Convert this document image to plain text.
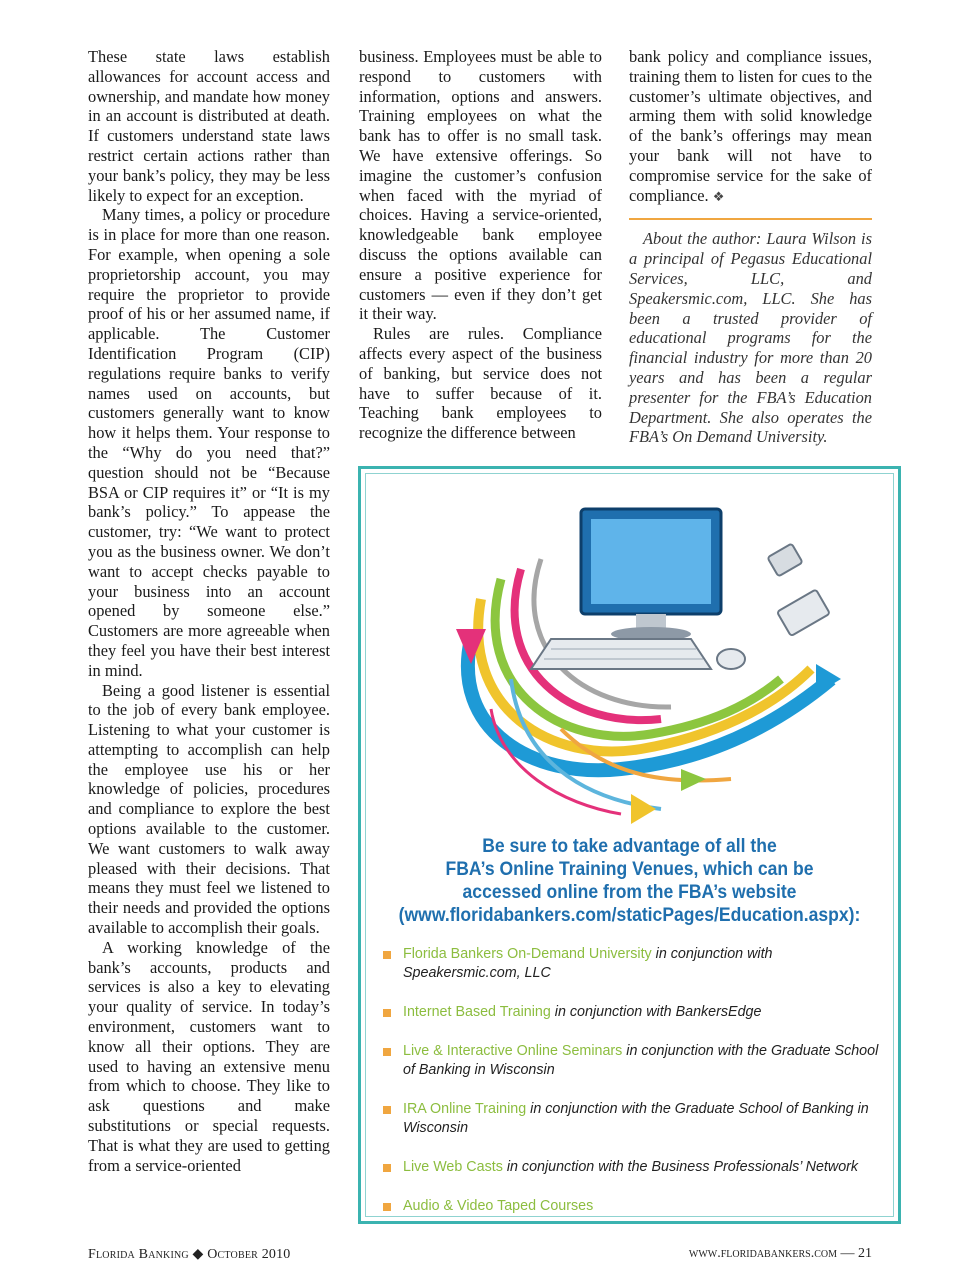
These state laws establish allowances for account access and ownership, and mandate how money in an account is distributed at death. If customers understand state laws restrict certain actions rather than your bank’s policy, they may be less likely to expect for an exception.

Many times, a policy or procedure is in place for more than one reason. For example, when opening a sole proprietorship account, you may require the proprietor to provide proof of his or her assumed name, if applicable. The Customer Identification Program (CIP) regulations require banks to verify names used on accounts, but customers generally want to know how it helps them. Your response to the “Why do you need that?” question should not be “Because BSA or CIP requires it” or “It is my bank’s policy.” To appease the customer, try: “We want to protect you as the business owner. We don’t want to accept checks payable to your business into an account opened by someone else.” Customers are more agreeable when they feel you have their best interest in mind.

Being a good listener is essential to the job of every bank employee. Listening to what your customer is attempting to accomplish can help the employee use his or her knowledge of policies, procedures and compliance to explore the best options available to the customer. We want customers to walk away pleased with their decisions. That means they must feel we listened to their needs and provided the options available to accomplish their goals.

A working knowledge of the bank’s accounts, products and services is also a key to elevating your quality of service. In today’s environment, customers want to know all their options. They are used to having an extensive menu from which to choose. They like to ask questions and make substitutions or special requests. That is what they are used to getting from a service-oriented

business. Employees must be able to respond to customers with information, options and answers. Training employees on what the bank has to offer is no small task. We have extensive offerings. So imagine the customer’s confusion when faced with the myriad of choices. Having a service-oriented, knowledgeable bank employee discuss the options available can ensure a positive experience for customers — even if they don’t get it their way.

Rules are rules. Compliance affects every aspect of the business of banking, but service does not have to suffer because of it. Teaching bank employees to recognize the difference between

bank policy and compliance issues, training them to listen for cues to the customer’s ultimate objectives, and arming them with solid knowledge of the bank’s offerings may mean your bank will not have to compromise service for the sake of compliance. ❖

About the author: Laura Wilson is a principal of Pegasus Educational Services, LLC, and Speakersmic.com, LLC. She has been a trusted provider of educational programs for the financial industry for more than 20 years and has been a regular presenter for the FBA’s Education Department. She also operates the FBA’s On Demand University.

Be sure to take advantage of all the
FBA’s Online Training Venues, which can be
accessed online from the FBA’s website
(www.floridabankers.com/staticPages/Education.aspx):
Florida Bankers On-Demand University in conjunction with Speakersmic.com, LLC
Internet Based Training in conjunction with BankersEdge
Live & Interactive Online Seminars in conjunction with the Graduate School of Banking in Wisconsin
IRA Online Training in conjunction with the Graduate School of Banking in Wisconsin
Live Web Casts in conjunction with the Business Professionals’ Network
Audio & Video Taped Courses
Florida Banking ◆ October 2010	www.floridabankers.com — 21
